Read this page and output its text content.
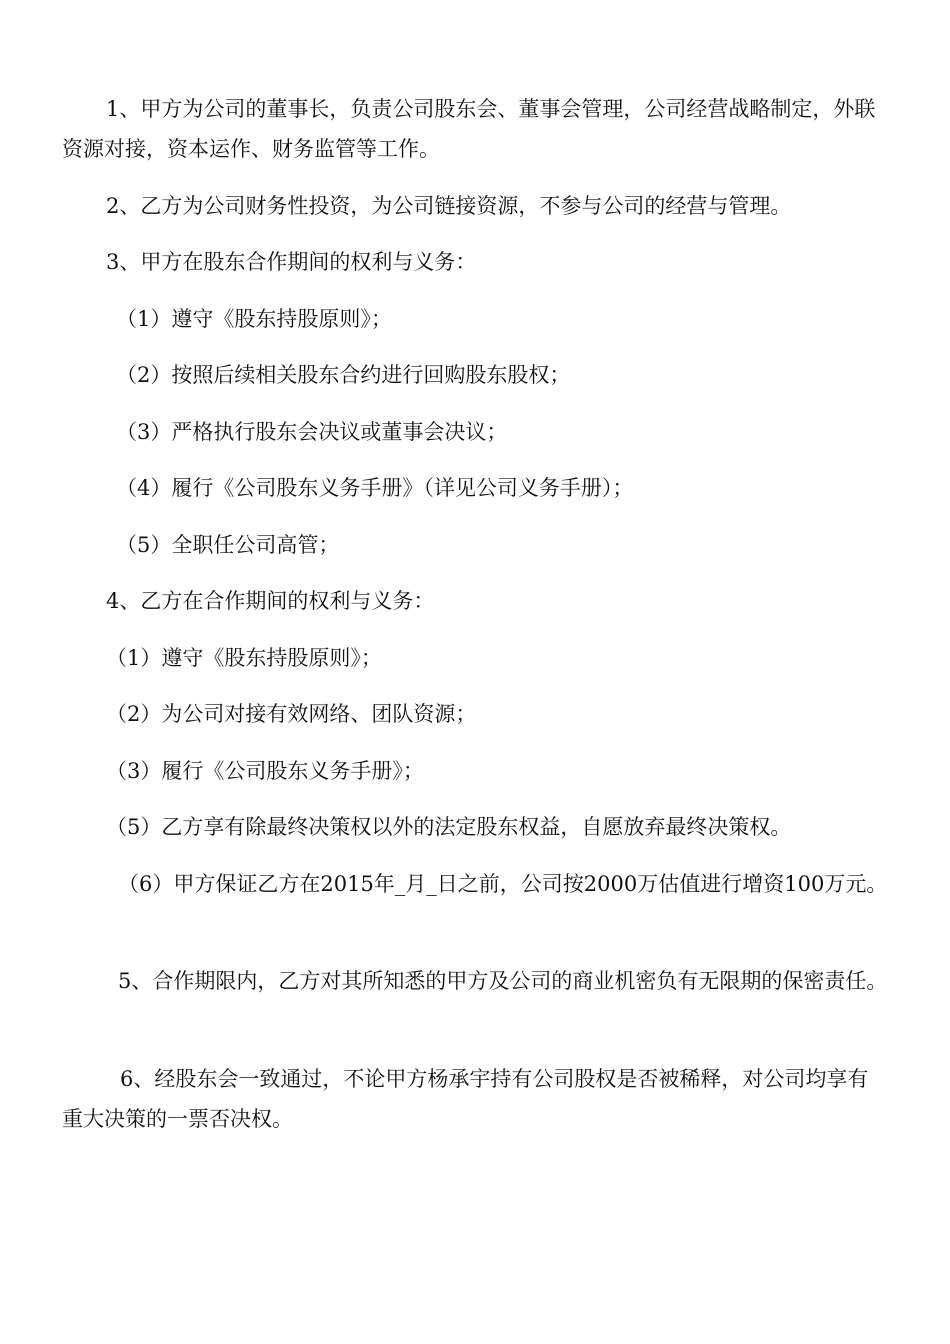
1、甲方为公司的董事长，负责公司股东会、董事会管理，公司经营战略制定，外联资源对接，资本运作、财务监管等工作。

2、乙方为公司财务性投资，为公司链接资源，不参与公司的经营与管理。

3、甲方在股东合作期间的权利与义务：

（1）遵守《股东持股原则》；

（2）按照后续相关股东合约进行回购股东股权；

（3）严格执行股东会决议或董事会决议；

（4）履行《公司股东义务手册》（详见公司义务手册）；

（5）全职任公司高管；

4、乙方在合作期间的权利与义务：

（1）遵守《股东持股原则》；

（2）为公司对接有效网络、团队资源；

（3）履行《公司股东义务手册》；

（5）乙方享有除最终决策权以外的法定股东权益，自愿放弃最终决策权。

（6）甲方保证乙方在2015年_月_日之前，公司按2000万估值进行增资100万元。

5、合作期限内，乙方对其所知悉的甲方及公司的商业机密负有无限期的保密责任。

6、经股东会一致通过，不论甲方杨承宇持有公司股权是否被稀释，对公司均享有重大决策的一票否决权。
